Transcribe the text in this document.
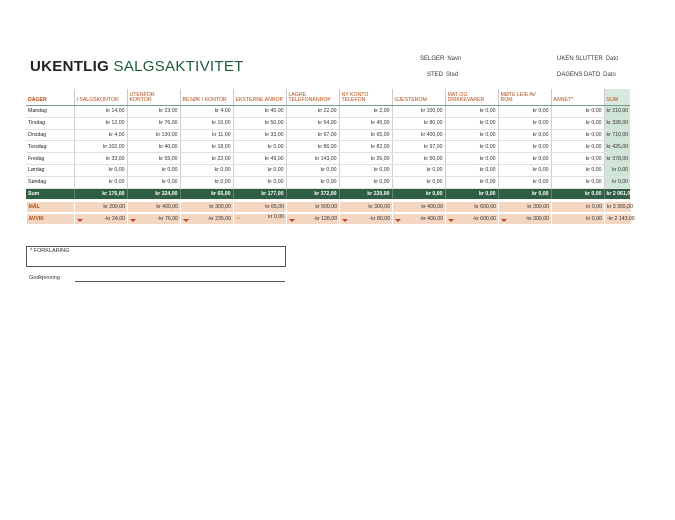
UKENTLIG SALGSAKTIVITET	SELGER Navn
STED Sted
UKEN SLUTTER Dato
DAGENS DATO Dato
DAGER	I SALGSKONTOR	UTENFOR KONTOR	BESØK I KONTOR	EKSTERNE ANROP	LAGRE TELEFONANROP	NY KONTO TELEFON	GJESTEROM	MAT OG DRIKKEVARER	MØTE LEIE AV ROM	ANNET*	SUM
Mandag	kr 14,00	kr 23,00	kr 4,00	kr 45,00	kr 22,00	kr 2,00	kr 100,00	kr 0,00	kr 0,00	kr 0,00	kr 210,00
Tirsdag	kr 12,00	kr 76,00	kr 10,00	kr 50,00	kr 54,00	kr 45,00	kr 80,00	kr 0,00	kr 0,00	kr 0,00	kr 338,00
Onsdag	kr 4,00	kr 130,00	kr 11,00	kr 33,00	kr 67,00	kr 65,00	kr 400,00	kr 0,00	kr 0,00	kr 0,00	kr 710,00
Torsdag	kr 102,00	kr 40,00	kr 18,00	kr 0,00	kr 86,00	kr 82,00	kr 97,00	kr 0,00	kr 0,00	kr 0,00	kr 425,00
Fredag	kr 33,00	kr 55,00	kr 22,00	kr 49,00	kr 143,00	kr 26,00	kr 50,00	kr 0,00	kr 0,00	kr 0,00	kr 378,00
Lørdag	kr 0,00	kr 0,00	kr 0,00	kr 0,00	kr 0,00	kr 0,00	kr 0,00	kr 0,00	kr 0,00	kr 0,00	kr 0,00
Søndag	kr 0,00	kr 0,00	kr 0,00	kr 0,00	kr 0,00	kr 0,00	kr 0,00	kr 0,00	kr 0,00	kr 0,00	kr 0,00
Sum	kr 176,00	kr 324,00	kr 65,00	kr 177,00	kr 372,00	kr 220,00	kr 0,00	kr 0,00	kr 0,00	kr 0,00	kr 2 061,00
MÅL	kr 200,00	kr 400,00	kr 300,00	kr 65,00	kr 500,00	kr 300,00	kr 400,00	kr 600,00	kr 300,00	kr 0,00	kr 3 365,00

AVVIK	-kr 24,00	-kr 76,00	-kr 235,00	⇨ kr 0,00	-kr 128,00	-kr 80,00	-kr 400,00	-kr 600,00	-kr 300,00	kr 0,00	-kr 2 143,00
* FORKLARING
Godkjenning
